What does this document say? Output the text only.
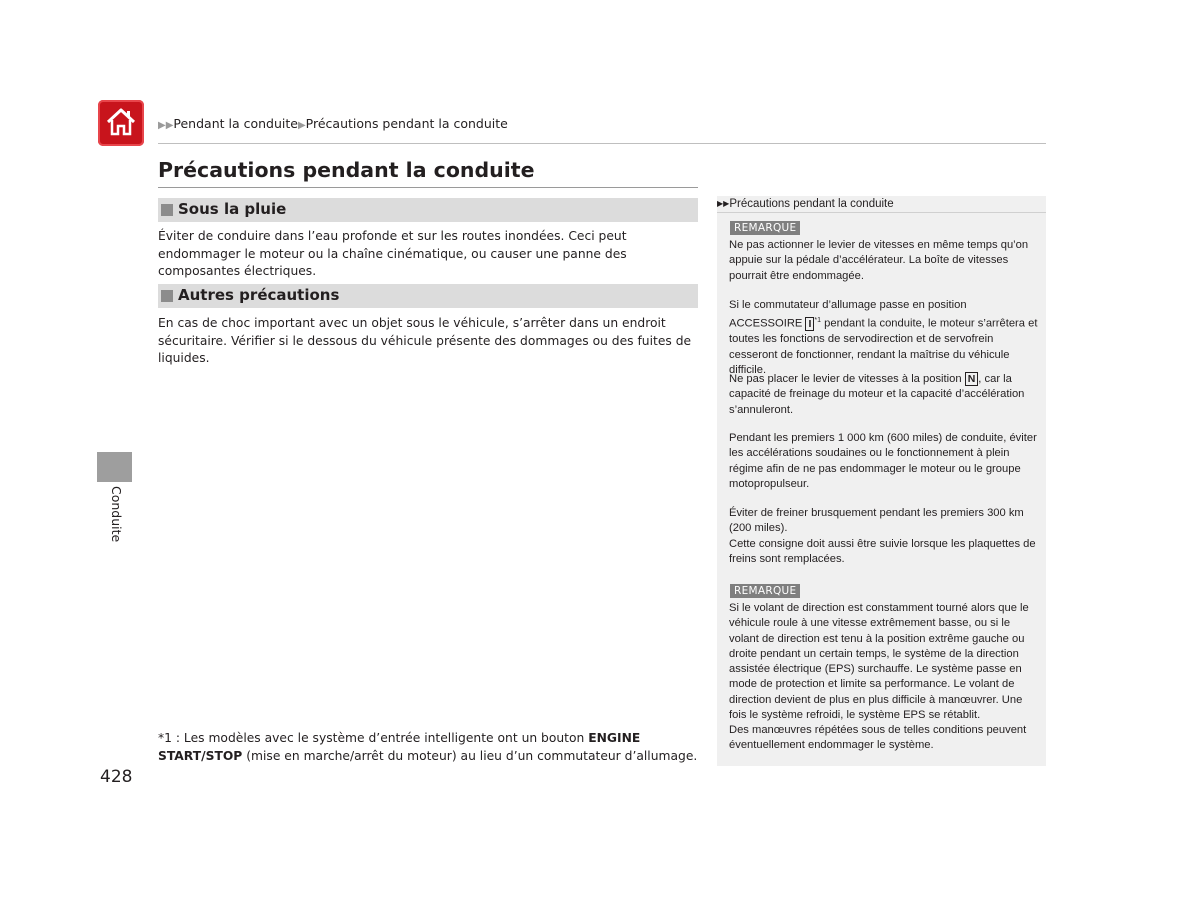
▶▶Pendant la conduite▶Précautions pendant la conduite
Précautions pendant la conduite
Sous la pluie

Éviter de conduire dans l’eau profonde et sur les routes inondées. Ceci peut endommager le moteur ou la chaîne cinématique, ou causer une panne des composantes électriques.

Autres précautions

En cas de choc important avec un objet sous le véhicule, s’arrêter dans un endroit sécuritaire. Vérifier si le dessous du véhicule présente des dommages ou des fuites de liquides.

Conduite

*1 : Les modèles avec le système d’entrée intelligente ont un bouton ENGINE START/STOP (mise en marche/arrêt du moteur) au lieu d’un commutateur d’allumage.

428
▶▶Précautions pendant la conduite
REMARQUE

Ne pas actionner le levier de vitesses en même temps qu’on appuie sur la pédale d’accélérateur. La boîte de vitesses pourrait être endommagée.

Si le commutateur d’allumage passe en position ACCESSOIRE I $^{*1}$ pendant la conduite, le moteur s’arrêtera et toutes les fonctions de servodirection et de servofrein cesseront de fonctionner, rendant la maîtrise du véhicule difficile.

Ne pas placer le levier de vitesses à la position N , car la capacité de freinage du moteur et la capacité d’accélération s’annuleront.

Pendant les premiers 1 000 km (600 miles) de conduite, éviter les accélérations soudaines ou le fonctionnement à plein régime afin de ne pas endommager le moteur ou le groupe motopropulseur.

Éviter de freiner brusquement pendant les premiers 300 km (200 miles).

Cette consigne doit aussi être suivie lorsque les plaquettes de freins sont remplacées.

REMARQUE

Si le volant de direction est constamment tourné alors que le véhicule roule à une vitesse extrêmement basse, ou si le volant de direction est tenu à la position extrême gauche ou droite pendant un certain temps, le système de la direction assistée électrique (EPS) surchauffe. Le système passe en mode de protection et limite sa performance. Le volant de direction devient de plus en plus difficile à manœuvrer. Une fois le système refroidi, le système EPS se rétablit.

Des manœuvres répétées sous de telles conditions peuvent éventuellement endommager le système.
